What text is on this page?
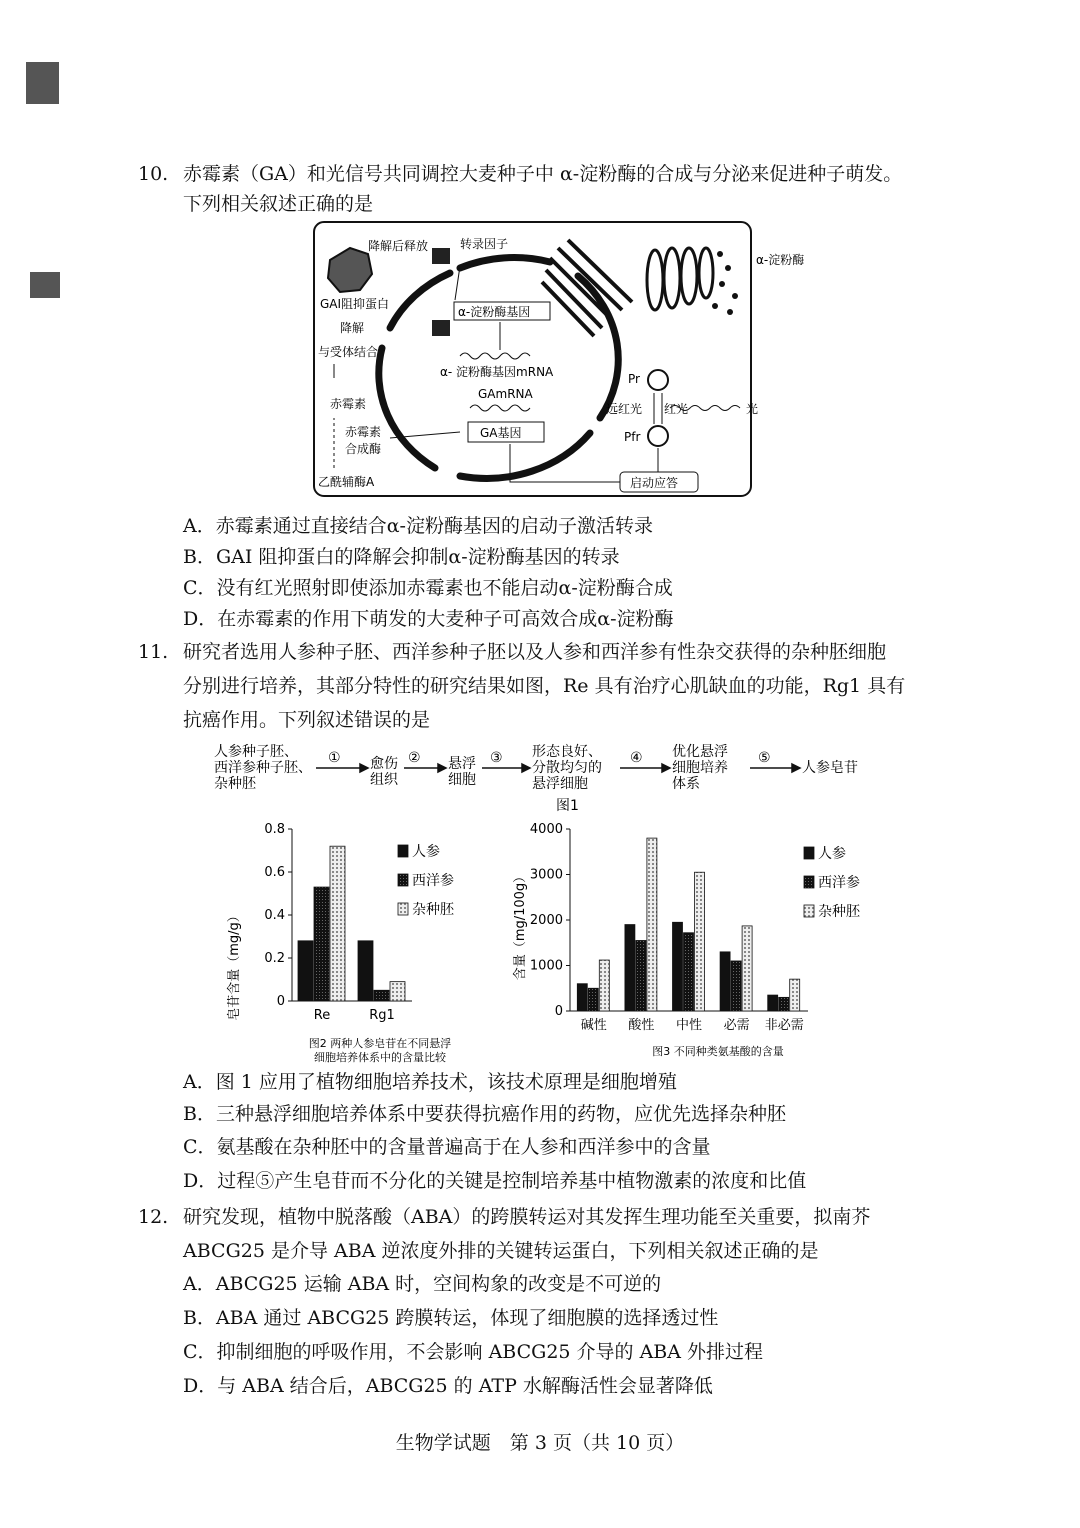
10. 赤霉素（GA）和光信号共同调控大麦种子中 α-淀粉酶的合成与分泌来促进种子萌发。
下列相关叙述正确的是
降解后释放	转录因子
α-淀粉酶基因
α- 淀粉酶基因mRNA
GAmRNA
GA基因
GAI阻抑蛋白
降解
与受体结合
赤霉素
赤霉素
合成酶
乙酰辅酶A
α-淀粉酶
Pr
Pfr
远红光 红光	光
启动应答
A．赤霉素通过直接结合α-淀粉酶基因的启动子激活转录
B．GAI 阻抑蛋白的降解会抑制α-淀粉酶基因的转录
C．没有红光照射即使添加赤霉素也不能启动α-淀粉酶合成
D．在赤霉素的作用下萌发的大麦种子可高效合成α-淀粉酶
11. 研究者选用人参种子胚、西洋参种子胚以及人参和西洋参有性杂交获得的杂种胚细胞
分别进行培养，其部分特性的研究结果如图，Re 具有治疗心肌缺血的功能，Rg1 具有
抗癌作用。下列叙述错误的是
人参种子胚、
西洋参种子胚、
杂种胚
① 愈伤
组织
② 悬浮
细胞
③ 形态良好、
分散均匀的
悬浮细胞
④ 优化悬浮
细胞培养
体系
⑤
人参皂苷
图1
皂苷含量（mg/g）	0
0.2
0.4
0.6
0.8
人参
西洋参
杂种胚
Re	Rg1
图2 两种人参皂苷在不同悬浮
细胞培养体系中的含量比较
含量（mg/100g）
0
1000
2000
3000
4000
人参
西洋参
杂种胚
碱性 酸性 中性 必需 非必需
图3 不同种类氨基酸的含量
A．图 1 应用了植物细胞培养技术，该技术原理是细胞增殖
B．三种悬浮细胞培养体系中要获得抗癌作用的药物，应优先选择杂种胚
C．氨基酸在杂种胚中的含量普遍高于在人参和西洋参中的含量
D．过程⑤产生皂苷而不分化的关键是控制培养基中植物激素的浓度和比值
12. 研究发现，植物中脱落酸（ABA）的跨膜转运对其发挥生理功能至关重要，拟南芥
ABCG25 是介导 ABA 逆浓度外排的关键转运蛋白，下列相关叙述正确的是
A．ABCG25 运输 ABA 时，空间构象的改变是不可逆的
B．ABA 通过 ABCG25 跨膜转运，体现了细胞膜的选择透过性
C．抑制细胞的呼吸作用，不会影响 ABCG25 介导的 ABA 外排过程
D．与 ABA 结合后，ABCG25 的 ATP 水解酶活性会显著降低
生物学试题　第 3 页（共 10 页）
